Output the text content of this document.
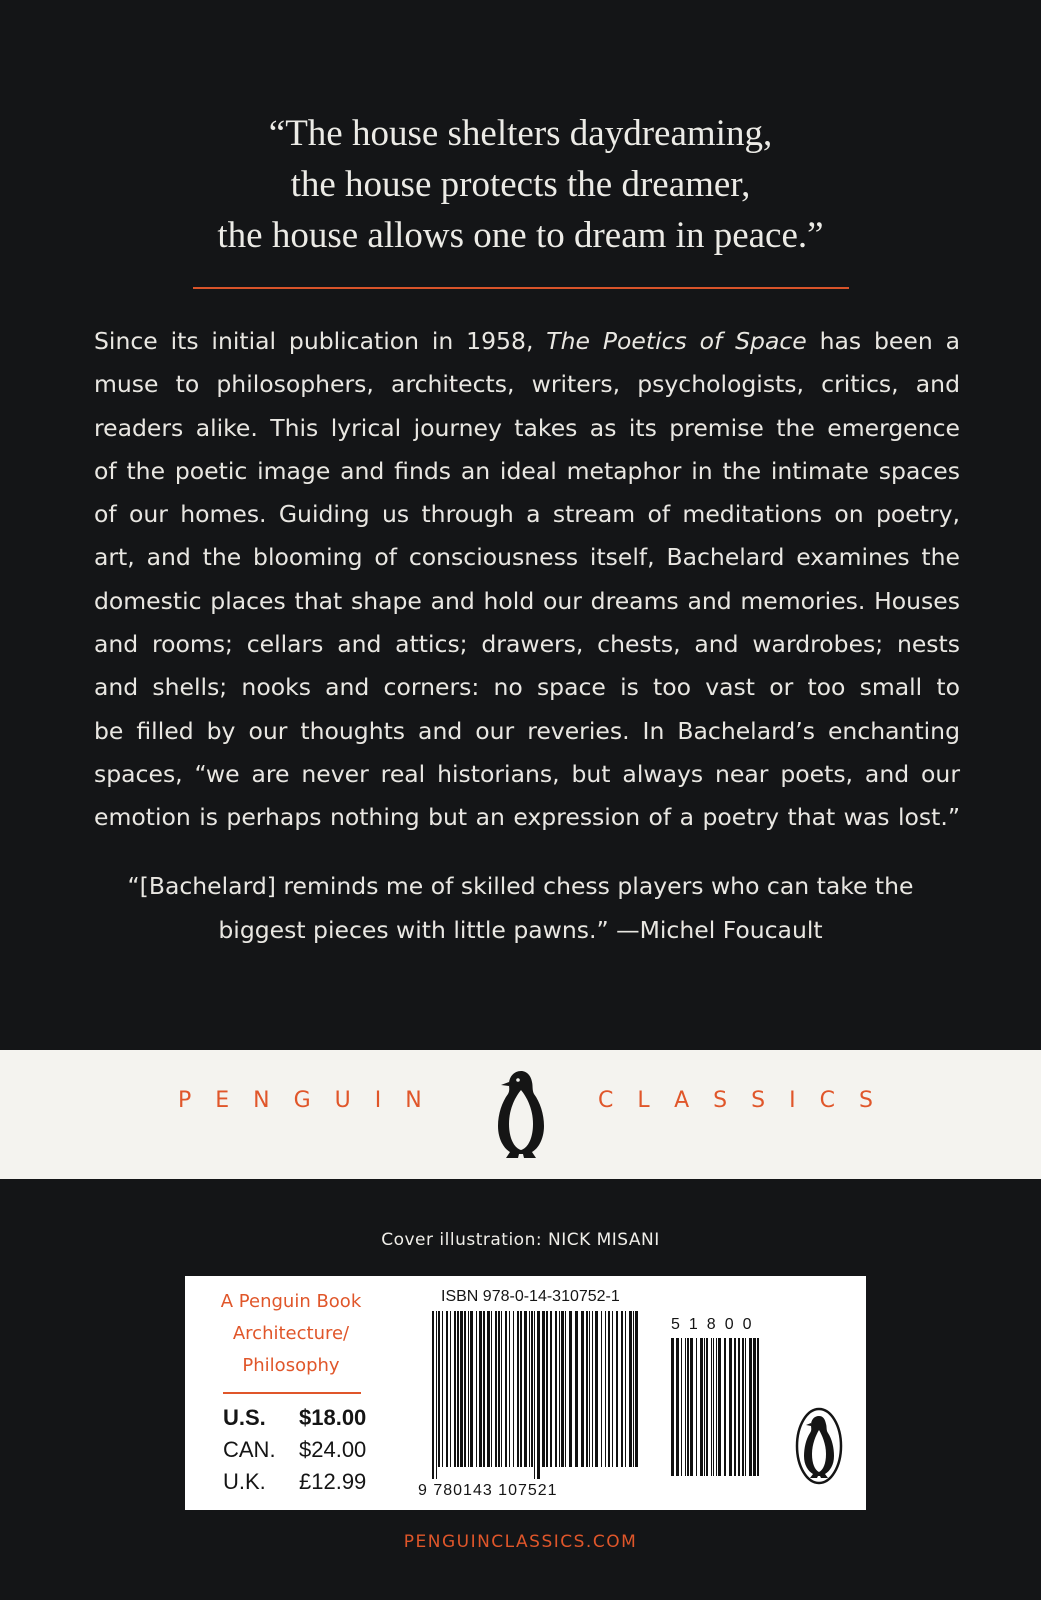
“The house shelters daydreaming,
the house protects the dreamer,
the house allows one to dream in peace.”
Since its initial publication in 1958, The Poetics of Space has been a
muse to philosophers, architects, writers, psychologists, critics, and
readers alike. This lyrical journey takes as its premise the emergence
of the poetic image and finds an ideal metaphor in the intimate spaces
of our homes. Guiding us through a stream of meditations on poetry,
art, and the blooming of consciousness itself, Bachelard examines the
domestic places that shape and hold our dreams and memories. Houses
and rooms; cellars and attics; drawers, chests, and wardrobes; nests
and shells; nooks and corners: no space is too vast or too small to
be filled by our thoughts and our reveries. In Bachelard’s enchanting
spaces, “we are never real historians, but always near poets, and our
emotion is perhaps nothing but an expression of a poetry that was lost.”
“[Bachelard] reminds me of skilled chess players who can take the
biggest pieces with little pawns.” —Michel Foucault
PENGUIN	CLASSICS
Cover illustration: NICK MISANI
A Penguin Book
Architecture/
Philosophy
U.S. $18.00
CAN. $24.00
U.K. £12.99
ISBN 978-0-14-310752-1
9 780143 107521
51800
PENGUINCLASSICS.COM
